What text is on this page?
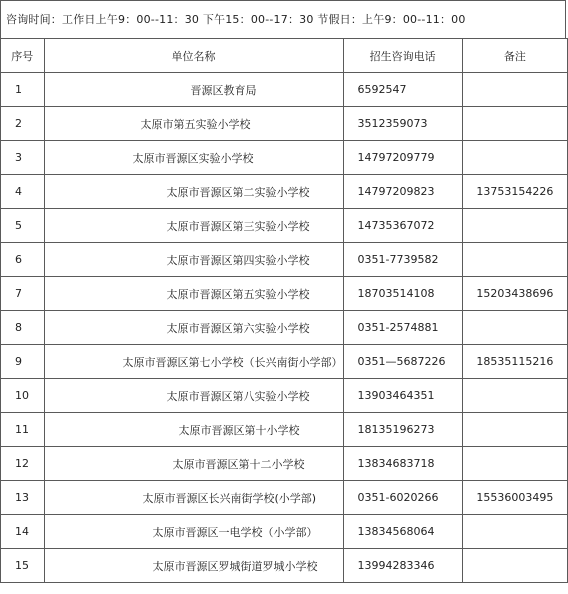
咨询时间：工作日上午9：00--11：30 下午15：00--17：30 节假日：上午9：00--11：00
序号	单位名称	招生咨询电话	备注
1	晋源区教育局	6592547	
2	太原市第五实验小学校	3512359073	
3	太原市晋源区实验小学校	14797209779	
4	太原市晋源区第二实验小学校	14797209823	13753154226
5	太原市晋源区第三实验小学校	14735367072	
6	太原市晋源区第四实验小学校	0351-7739582	
7	太原市晋源区第五实验小学校	18703514108	15203438696
8	太原市晋源区第六实验小学校	0351-2574881	
9	太原市晋源区第七小学校（长兴南街小学部）	0351—5687226	18535115216
10	太原市晋源区第八实验小学校	13903464351	
11	太原市晋源区第十小学校	18135196273	
12	太原市晋源区第十二小学校	13834683718	
13	太原市晋源区长兴南街学校(小学部)	0351-6020266	15536003495
14	太原市晋源区一电学校（小学部）	13834568064	
15	太原市晋源区罗城街道罗城小学校	13994283346	
